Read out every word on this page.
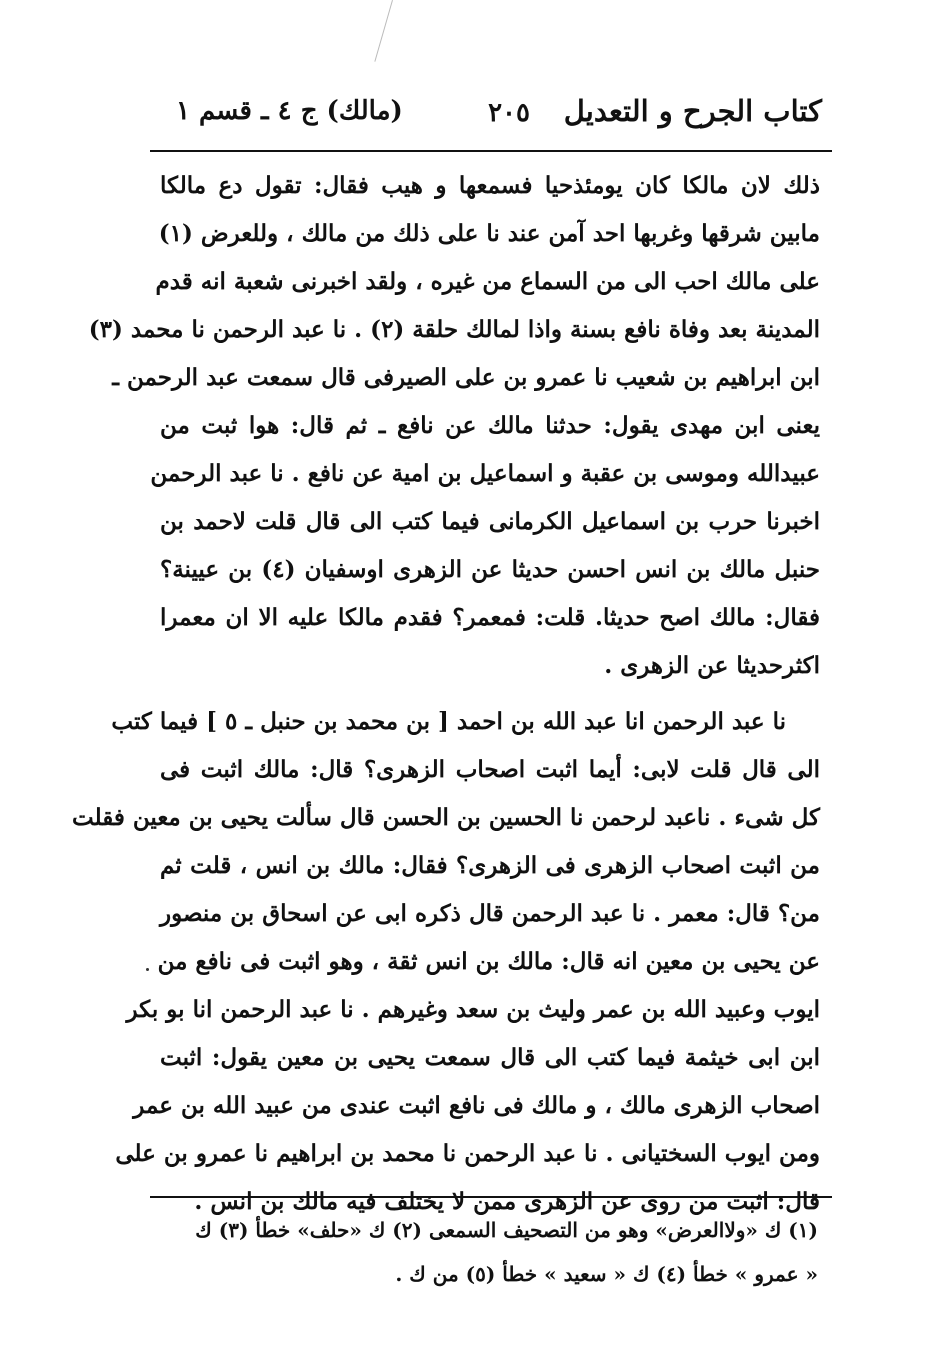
كتاب الجرح و التعديل
٢٠٥
(مالك) ج ٤ ـ قسم ١
ذلك لان مالكا كان يومئذحيا فسمعها و هيب فقال: تقول دع مالكا
مابين شرقها وغربها احد آمن عند نا على ذلك من مالك ، وللعرض (١)
على مالك احب الى من السماع من غيره ، ولقد اخبرنى شعبة انه قدم
المدينة بعد وفاة نافع بسنة واذا لمالك حلقة (٢) . نا عبد الرحمن نا محمد (٣)
ابن ابراهيم بن شعيب نا عمرو بن على الصيرفى قال سمعت عبد الرحمن ـ
يعنى ابن مهدى يقول: حدثنا مالك عن نافع ـ ثم قال: هوا ثبت من
عبيدالله وموسى بن عقبة و اسماعيل بن امية عن نافع . نا عبد الرحمن
اخبرنا حرب بن اسماعيل الكرمانى فيما كتب الى قال قلت لاحمد بن
حنبل مالك بن انس احسن حديثا عن الزهرى اوسفيان (٤) بن عيينة؟
فقال: مالك اصح حديثا. قلت: فمعمر؟ فقدم مالكا عليه الا ان معمرا
اكثرحديثا عن الزهرى .
نا عبد الرحمن انا عبد الله بن احمد [ بن محمد بن حنبل ـ ٥ ] فيما كتب
الى قال قلت لابى: أيما اثبت اصحاب الزهرى؟ قال: مالك اثبت فى
كل شىء . ناعبد لرحمن نا الحسين بن الحسن قال سألت يحيى بن معين فقلت
من اثبت اصحاب الزهرى فى الزهرى؟ فقال: مالك بن انس ، قلت ثم
من؟ قال: معمر . نا عبد الرحمن قال ذكره ابى عن اسحاق بن منصور
عن يحيى بن معين انه قال: مالك بن انس ثقة ، وهو اثبت فى نافع من
ايوب وعبيد الله بن عمر وليث بن سعد وغيرهم . نا عبد الرحمن انا بو بكر
ابن ابى خيثمة فيما كتب الى قال سمعت يحيى بن معين يقول: اثبت
اصحاب الزهرى مالك ، و مالك فى نافع اثبت عندى من عبيد الله بن عمر
ومن ايوب السختيانى . نا عبد الرحمن نا محمد بن ابراهيم نا عمرو بن على
قال: اثبت من روى عن الزهرى ممن لا يختلف فيه مالك بن انس .
(١) ك «ولاالعرض» وهو من التصحيف السمعى (٢) ك «حلف» خطأ (٣) ك
« عمرو » خطأ (٤) ك « سعيد » خطأ (٥) من ك .
